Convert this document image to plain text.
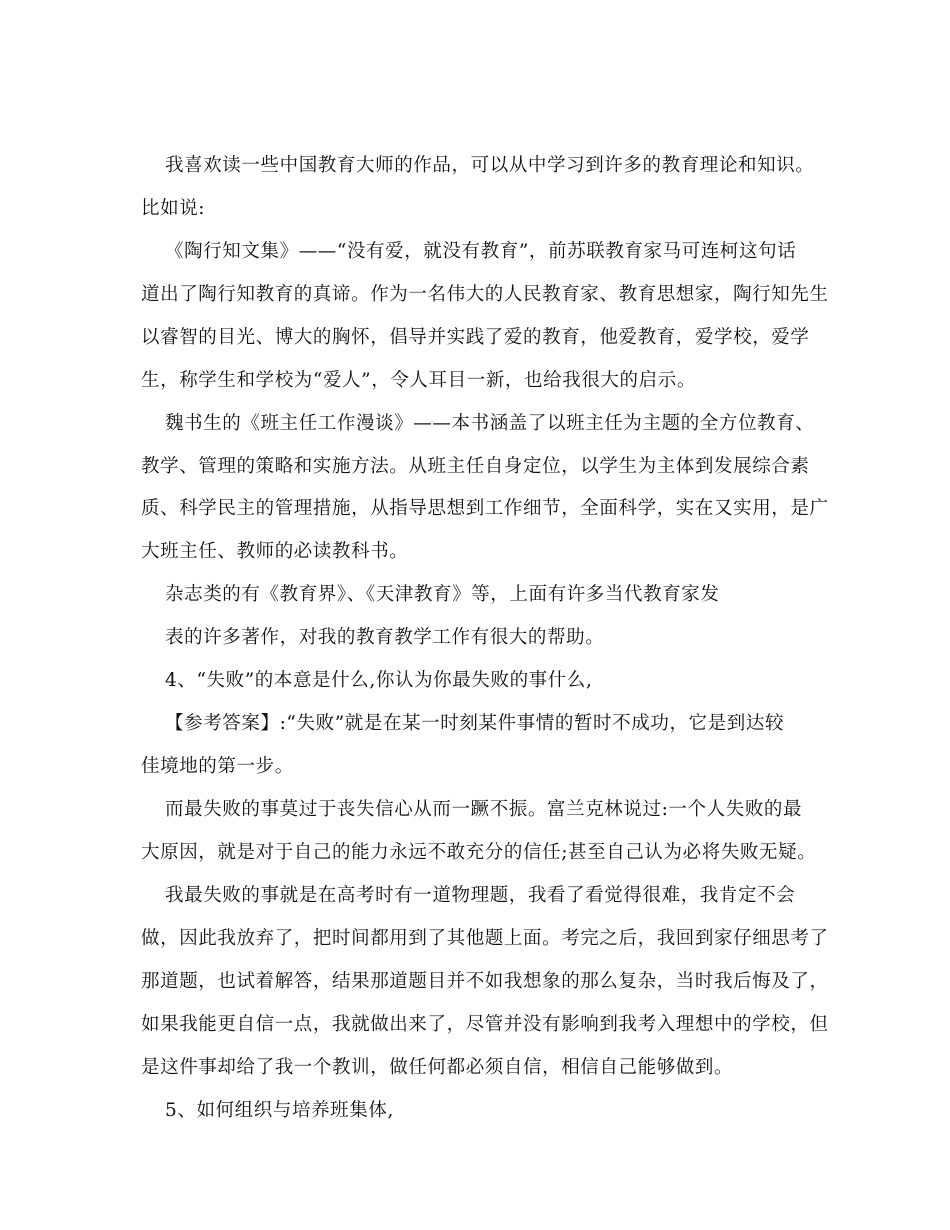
我喜欢读一些中国教育大师的作品，可以从中学习到许多的教育理论和知识。

比如说:

《陶行知文集》——“没有爱，就没有教育”，前苏联教育家马可连柯这句话

道出了陶行知教育的真谛。作为一名伟大的人民教育家、教育思想家，陶行知先生

以睿智的目光、博大的胸怀，倡导并实践了爱的教育，他爱教育，爱学校，爱学

生，称学生和学校为“爱人”，令人耳目一新，也给我很大的启示。

魏书生的《班主任工作漫谈》——本书涵盖了以班主任为主题的全方位教育、

教学、管理的策略和实施方法。从班主任自身定位，以学生为主体到发展综合素

质、科学民主的管理措施，从指导思想到工作细节，全面科学，实在又实用，是广

大班主任、教师的必读教科书。

杂志类的有《教育界》、《天津教育》等，上面有许多当代教育家发

表的许多著作，对我的教育教学工作有很大的帮助。

4、“失败”的本意是什么,你认为你最失败的事什么,

【参考答案】:“失败”就是在某一时刻某件事情的暂时不成功，它是到达较

佳境地的第一步。

而最失败的事莫过于丧失信心从而一蹶不振。富兰克林说过:一个人失败的最

大原因，就是对于自己的能力永远不敢充分的信任;甚至自己认为必将失败无疑。

我最失败的事就是在高考时有一道物理题，我看了看觉得很难，我肯定不会

做，因此我放弃了，把时间都用到了其他题上面。考完之后，我回到家仔细思考了

那道题，也试着解答，结果那道题目并不如我想象的那么复杂，当时我后悔及了，

如果我能更自信一点，我就做出来了，尽管并没有影响到我考入理想中的学校，但

是这件事却给了我一个教训，做任何都必须自信，相信自己能够做到。

5、如何组织与培养班集体,
